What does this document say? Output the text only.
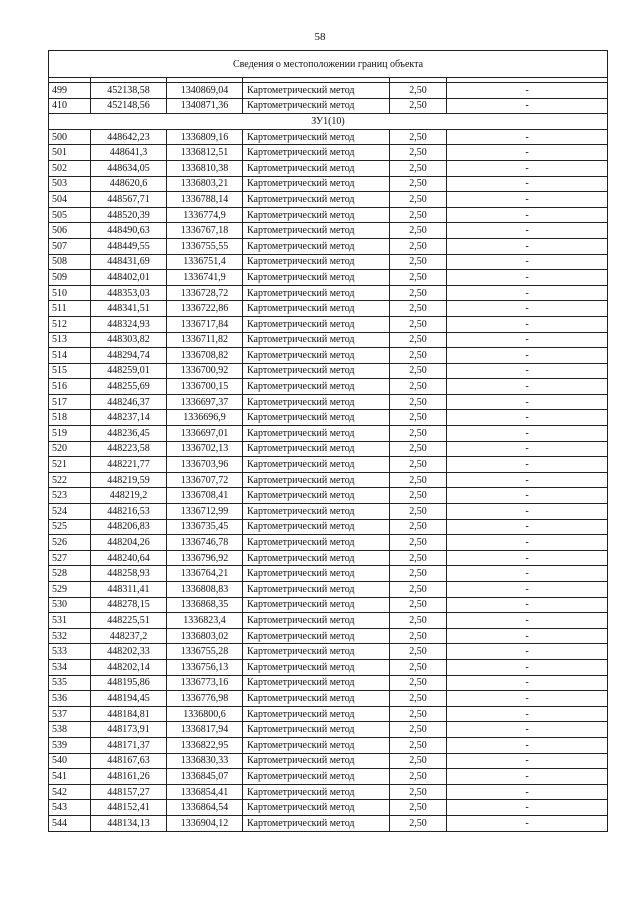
58
Сведения о местоположении границ объекта					

499	452138,58	1340869,04	Картометрический метод	2,50	-
410	452148,56	1340871,36	Картометрический метод	2,50	-
ЗУ1(10)					
500	448642,23	1336809,16	Картометрический метод	2,50	-
501	448641,3	1336812,51	Картометрический метод	2,50	-
502	448634,05	1336810,38	Картометрический метод	2,50	-
503	448620,6	1336803,21	Картометрический метод	2,50	-
504	448567,71	1336788,14	Картометрический метод	2,50	-
505	448520,39	1336774,9	Картометрический метод	2,50	-
506	448490,63	1336767,18	Картометрический метод	2,50	-
507	448449,55	1336755,55	Картометрический метод	2,50	-
508	448431,69	1336751,4	Картометрический метод	2,50	-
509	448402,01	1336741,9	Картометрический метод	2,50	-
510	448353,03	1336728,72	Картометрический метод	2,50	-
511	448341,51	1336722,86	Картометрический метод	2,50	-
512	448324,93	1336717,84	Картометрический метод	2,50	-
513	448303,82	1336711,82	Картометрический метод	2,50	-
514	448294,74	1336708,82	Картометрический метод	2,50	-
515	448259,01	1336700,92	Картометрический метод	2,50	-
516	448255,69	1336700,15	Картометрический метод	2,50	-
517	448246,37	1336697,37	Картометрический метод	2,50	-
518	448237,14	1336696,9	Картометрический метод	2,50	-
519	448236,45	1336697,01	Картометрический метод	2,50	-
520	448223,58	1336702,13	Картометрический метод	2,50	-
521	448221,77	1336703,96	Картометрический метод	2,50	-
522	448219,59	1336707,72	Картометрический метод	2,50	-
523	448219,2	1336708,41	Картометрический метод	2,50	-
524	448216,53	1336712,99	Картометрический метод	2,50	-
525	448206,83	1336735,45	Картометрический метод	2,50	-
526	448204,26	1336746,78	Картометрический метод	2,50	-
527	448240,64	1336796,92	Картометрический метод	2,50	-
528	448258,93	1336764,21	Картометрический метод	2,50	-
529	448311,41	1336808,83	Картометрический метод	2,50	-
530	448278,15	1336868,35	Картометрический метод	2,50	-
531	448225,51	1336823,4	Картометрический метод	2,50	-
532	448237,2	1336803,02	Картометрический метод	2,50	-
533	448202,33	1336755,28	Картометрический метод	2,50	-
534	448202,14	1336756,13	Картометрический метод	2,50	-
535	448195,86	1336773,16	Картометрический метод	2,50	-
536	448194,45	1336776,98	Картометрический метод	2,50	-
537	448184,81	1336800,6	Картометрический метод	2,50	-
538	448173,91	1336817,94	Картометрический метод	2,50	-
539	448171,37	1336822,95	Картометрический метод	2,50	-
540	448167,63	1336830,33	Картометрический метод	2,50	-
541	448161,26	1336845,07	Картометрический метод	2,50	-
542	448157,27	1336854,41	Картометрический метод	2,50	-
543	448152,41	1336864,54	Картометрический метод	2,50	-
544	448134,13	1336904,12	Картометрический метод	2,50	-
